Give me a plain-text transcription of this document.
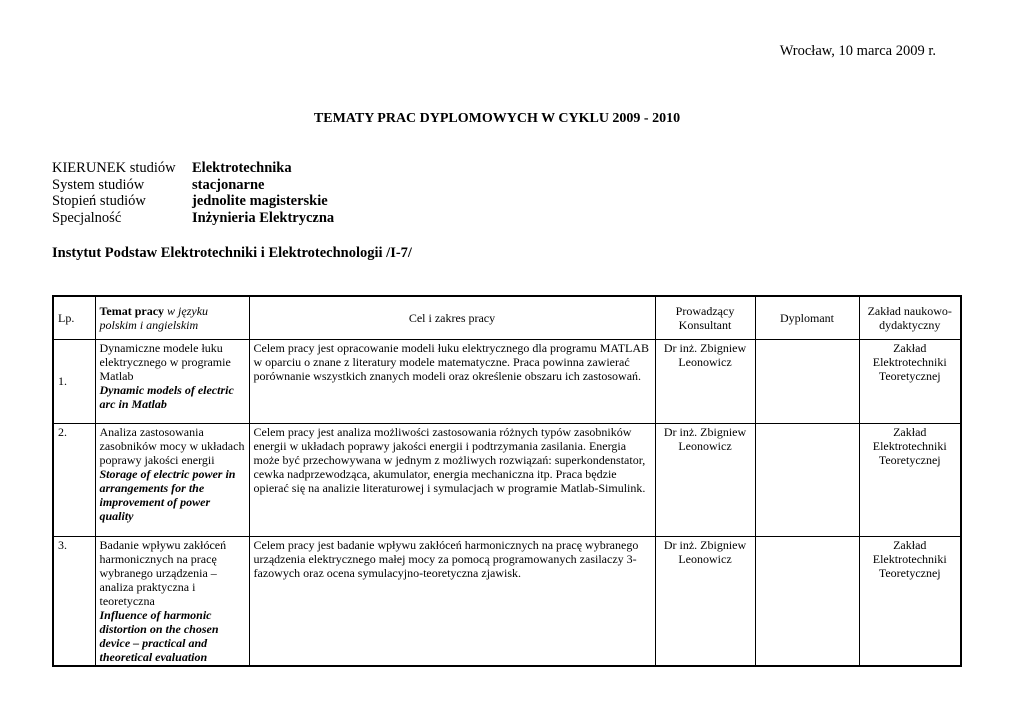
Wrocław, 10 marca 2009 r.
TEMATY PRAC DYPLOMOWYCH W CYKLU 2009 - 2010
KIERUNEK studiów	Elektrotechnika
System studiów	stacjonarne
Stopień studiów	jednolite magisterskie
Specjalność	Inżynieria Elektryczna
Instytut Podstaw Elektrotechniki i Elektrotechnologii /I-7/
Lp.	Temat pracy w języku
polskim i angielskim	Cel i zakres pracy	Prowadzący Konsultant	Dyplomant	Zakład naukowo-dydaktyczny
1.	Dynamiczne modele łuku elektrycznego w programie Matlab
Dynamic models of electric arc in Matlab	Celem pracy jest opracowanie modeli łuku elektrycznego dla programu MATLAB w oparciu o znane z literatury modele matematyczne. Praca powinna zawierać porównanie wszystkich znanych modeli oraz określenie obszaru ich zastosowań.	Dr inż. Zbigniew Leonowicz		Zakład Elektrotechniki Teoretycznej
2.	Analiza zastosowania zasobników mocy w układach poprawy jakości energii
Storage of electric power in arrangements for the improvement of power quality	Celem pracy jest analiza możliwości zastosowania różnych typów zasobników energii w układach poprawy jakości energii i podtrzymania zasilania. Energia może być przechowywana w jednym z możliwych rozwiązań: superkondenstator, cewka nadprzewodząca, akumulator, energia mechaniczna itp. Praca będzie opierać się na analizie literaturowej i symulacjach w programie Matlab-Simulink.	Dr inż. Zbigniew Leonowicz		Zakład Elektrotechniki Teoretycznej
3.	Badanie wpływu zakłóceń harmonicznych na pracę wybranego urządzenia – analiza praktyczna i teoretyczna
Influence of harmonic distortion on the chosen device – practical and theoretical evaluation	Celem pracy jest badanie wpływu zakłóceń harmonicznych na pracę wybranego urządzenia elektrycznego małej mocy za pomocą programowanych zasilaczy 3-fazowych oraz ocena symulacyjno-teoretyczna zjawisk.	Dr inż. Zbigniew Leonowicz		Zakład Elektrotechniki Teoretycznej
